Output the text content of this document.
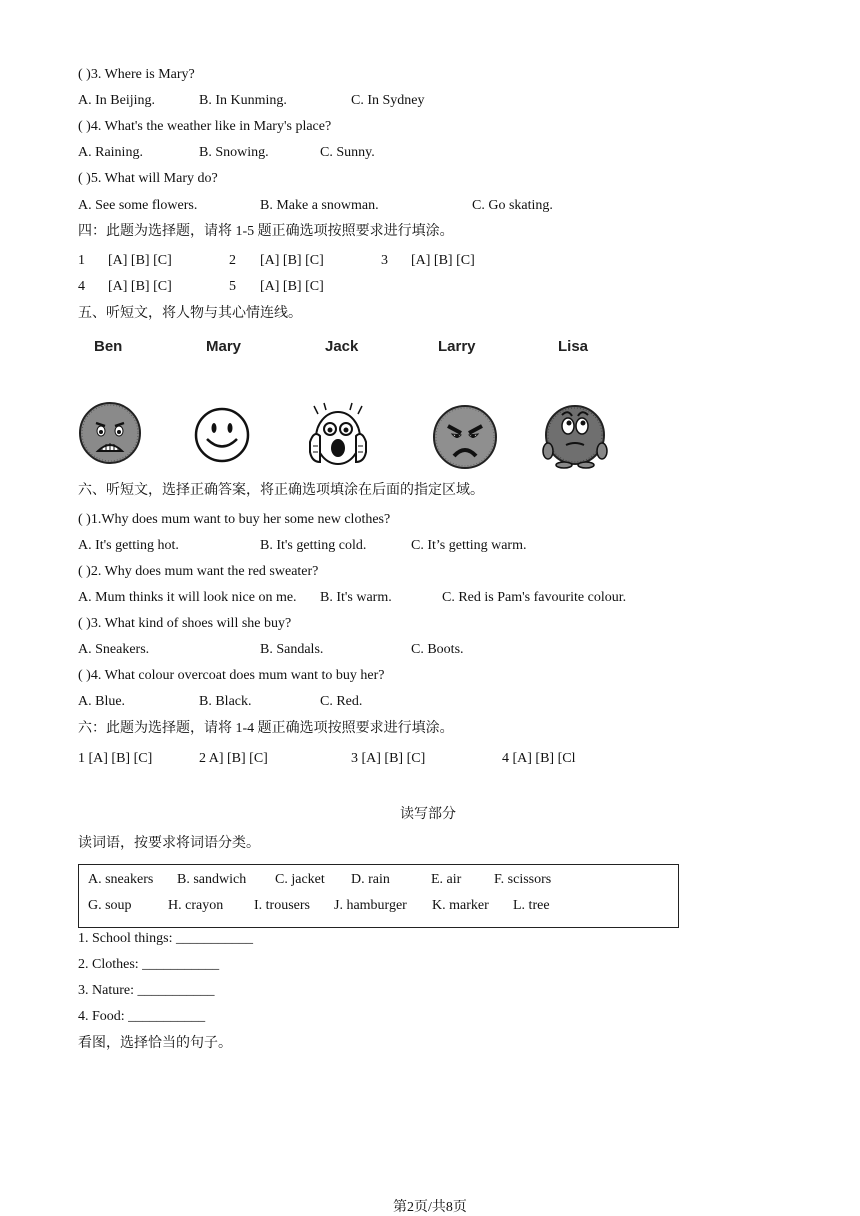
( )3. Where is Mary?
A. In Beijing.	B. In Kunming.	C. In Sydney
( )4. What's the weather like in Mary's place?
A. Raining.	B. Snowing.	C. Sunny.
( )5. What will Mary do?
A. See some flowers.	B. Make a snowman.	C. Go skating.
四：此题为选择题，请将 1-5 题正确选项按照要求进行填涂。
1 [A] [B] [C]	2 [A] [B] [C]	3 [A] [B] [C]
4 [A] [B] [C]	5 [A] [B] [C]
五、听短文，将人物与其心情连线。
Ben	Mary	Jack	Larry	Lisa
六、听短文，选择正确答案，将正确选项填涂在后面的指定区域。
( )1.Why does mum want to buy her some new clothes?
A. It's getting hot.	B. It's getting cold.	C. It’s getting warm.
( )2. Why does mum want the red sweater?
A. Mum thinks it will look nice on me. B. It's warm.	C. Red is Pam's favourite colour.
( )3. What kind of shoes will she buy?
A. Sneakers.	B. Sandals.	C. Boots.
( )4. What colour overcoat does mum want to buy her?
A. Blue.	B. Black.	C. Red.
六：此题为选择题，请将 1-4 题正确选项按照要求进行填涂。
1 [A] [B] [C]	2 A] [B] [C]	3 [A] [B] [C]	4 [A] [B] [Cl
读写部分
读词语，按要求将词语分类。
A. sneakers B. sandwich C. jacket D. rain	E. air F. scissors
G. soup	H. crayon I. trousers J. hamburger K. marker L. tree
1. School things: ___________
2. Clothes: ___________
3. Nature: ___________
4. Food: ___________
看图，选择恰当的句子。
第2页/共8页
